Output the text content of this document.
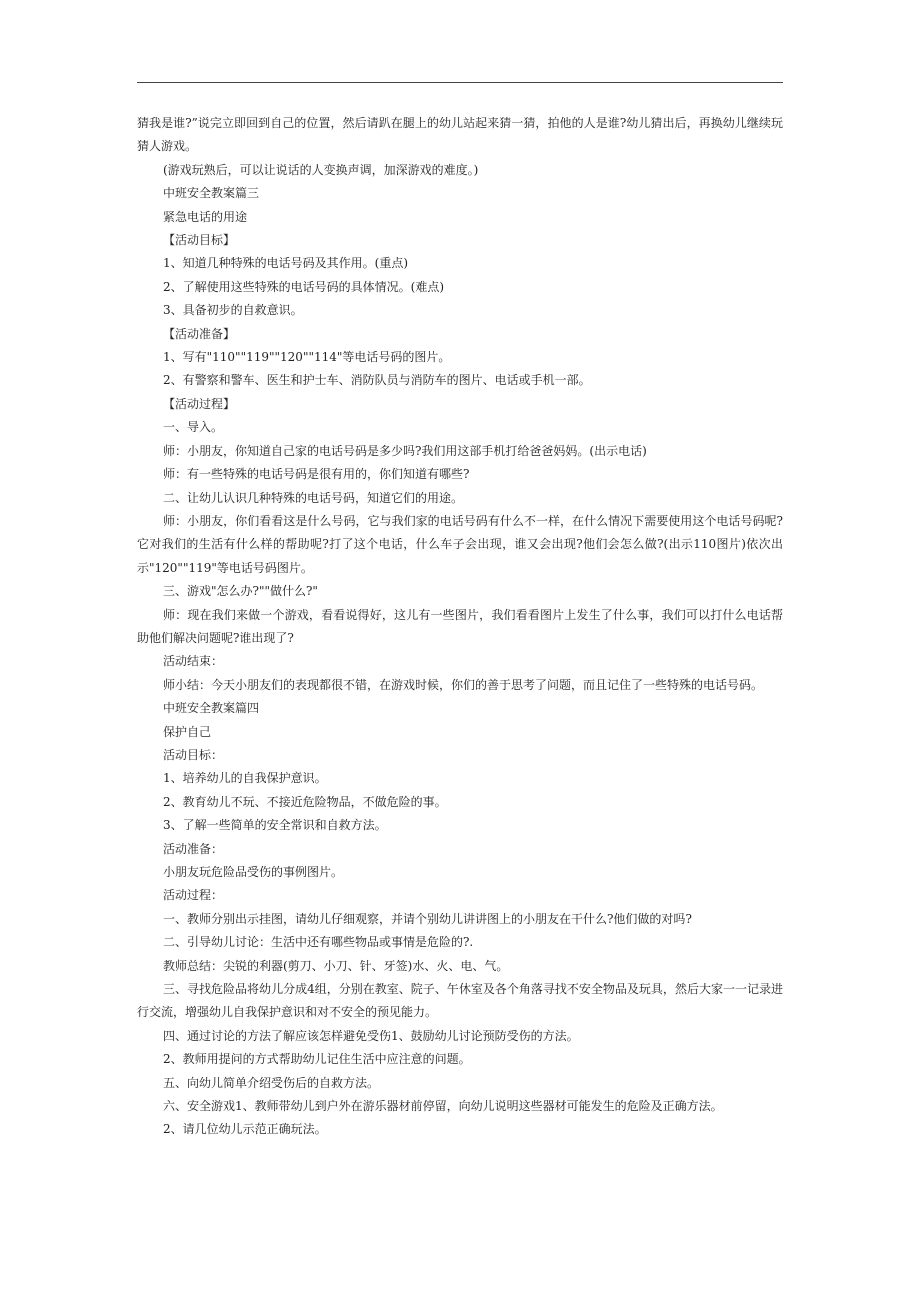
猜我是谁?”说完立即回到自己的位置，然后请趴在腿上的幼儿站起来猜一猜，拍他的人是谁?幼儿猜出后，再换幼儿继续玩猜人游戏。

(游戏玩熟后，可以让说话的人变换声调，加深游戏的难度。)

中班安全教案篇三

紧急电话的用途

【活动目标】

1、知道几种特殊的电话号码及其作用。(重点)

2、了解使用这些特殊的电话号码的具体情况。(难点)

3、具备初步的自救意识。

【活动准备】

1、写有"110""119""120""114"等电话号码的图片。

2、有警察和警车、医生和护士车、消防队员与消防车的图片、电话或手机一部。

【活动过程】

一、导入。

师：小朋友，你知道自己家的电话号码是多少吗?我们用这部手机打给爸爸妈妈。(出示电话)

师：有一些特殊的电话号码是很有用的，你们知道有哪些?

二、让幼儿认识几种特殊的电话号码，知道它们的用途。

师：小朋友，你们看看这是什么号码，它与我们家的电话号码有什么不一样，在什么情况下需要使用这个电话号码呢?它对我们的生活有什么样的帮助呢?打了这个电话，什么车子会出现，谁又会出现?他们会怎么做?(出示110图片)依次出示"120""119"等电话号码图片。

三、游戏"怎么办?""做什么?"

师：现在我们来做一个游戏，看看说得好，这儿有一些图片，我们看看图片上发生了什么事，我们可以打什么电话帮助他们解决问题呢?谁出现了?

活动结束：

师小结：今天小朋友们的表现都很不错，在游戏时候，你们的善于思考了问题，而且记住了一些特殊的电话号码。

中班安全教案篇四

保护自己

活动目标：

1、培养幼儿的自我保护意识。

2、教育幼儿不玩、不接近危险物品，不做危险的事。

3、了解一些简单的安全常识和自救方法。

活动准备：

小朋友玩危险品受伤的事例图片。

活动过程：

一、教师分别出示挂图，请幼儿仔细观察，并请个别幼儿讲讲图上的小朋友在干什么?他们做的对吗?

二、引导幼儿讨论：生活中还有哪些物品或事情是危险的?.

教师总结：尖锐的利器(剪刀、小刀、针、牙签)水、火、电、气。

三、寻找危险品将幼儿分成4组，分别在教室、院子、午休室及各个角落寻找不安全物品及玩具，然后大家一一记录进行交流，增强幼儿自我保护意识和对不安全的预见能力。

四、通过讨论的方法了解应该怎样避免受伤1、鼓励幼儿讨论预防受伤的方法。

2、教师用提问的方式帮助幼儿记住生活中应注意的问题。

五、向幼儿简单介绍受伤后的自救方法。

六、安全游戏1、教师带幼儿到户外在游乐器材前停留，向幼儿说明这些器材可能发生的危险及正确方法。

2、请几位幼儿示范正确玩法。
